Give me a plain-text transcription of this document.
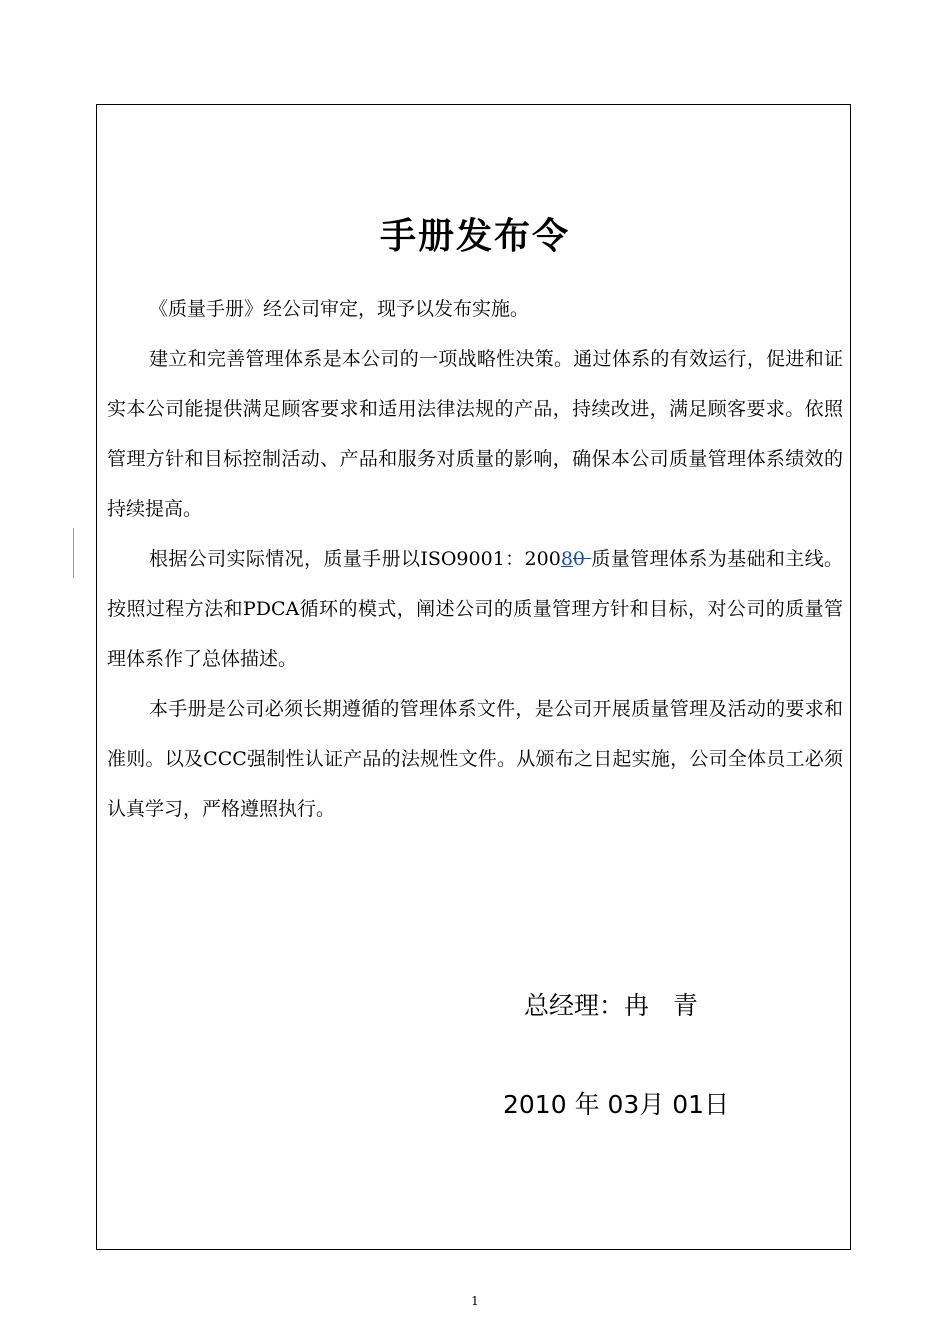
手册发布令

《质量手册》经公司审定，现予以发布实施。

建立和完善管理体系是本公司的一项战略性决策。通过体系的有效运行，促进和证实本公司能提供满足顾客要求和适用法律法规的产品，持续改进，满足顾客要求。依照管理方针和目标控制活动、产品和服务对质量的影响，确保本公司质量管理体系绩效的持续提高。

根据公司实际情况，质量手册以ISO9001：20080 质量管理体系为基础和主线。按照过程方法和PDCA循环的模式，阐述公司的质量管理方针和目标，对公司的质量管理体系作了总体描述。

本手册是公司必须长期遵循的管理体系文件，是公司开展质量管理及活动的要求和准则。以及CCC强制性认证产品的法规性文件。从颁布之日起实施，公司全体员工必须认真学习，严格遵照执行。

总经理：冉   青
2010 年 03月 01日
1
